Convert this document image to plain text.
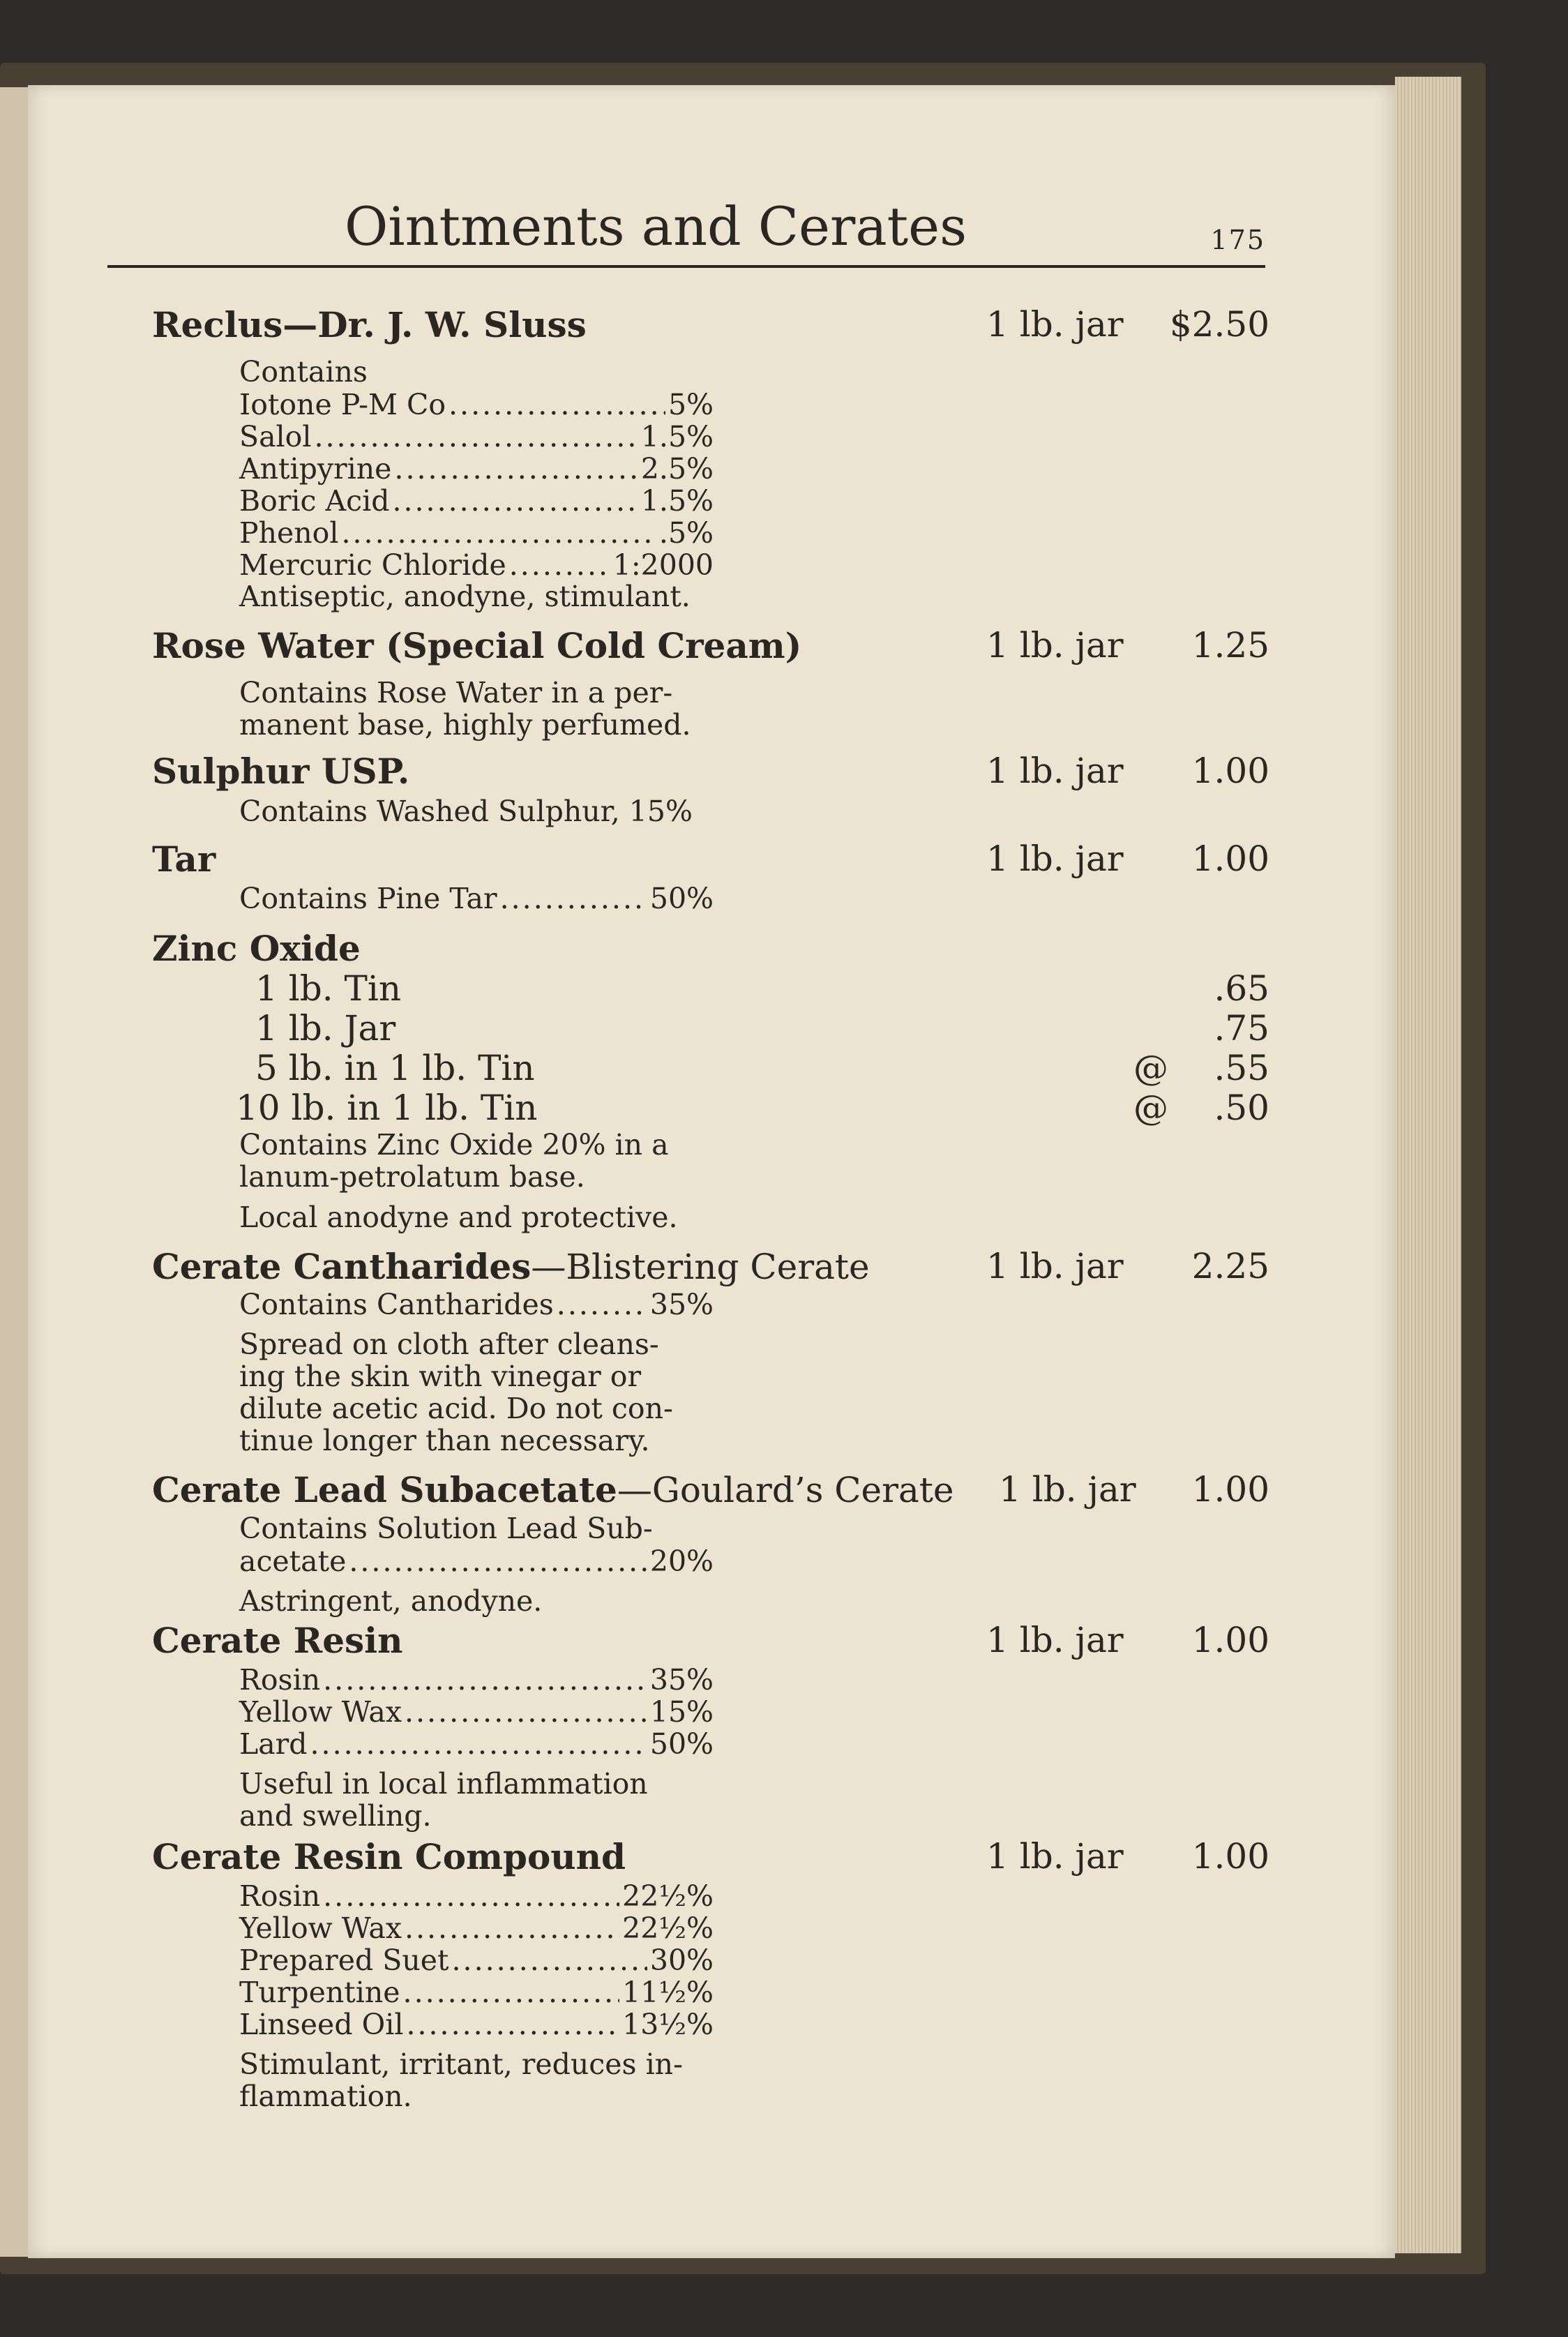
Ointments and Cerates	175
Reclus—Dr. J. W. Sluss	1 lb. jar $2.50
Contains
Iotone P-M Co .....	5%
Salol .....	1.5%
Antipyrine .....	2.5%
Boric Acid .....	1.5%
Phenol .....	.5%
Mercuric Chloride .....	1:2000
Antiseptic, anodyne, stimulant.
Rose Water (Special Cold Cream)	1 lb. jar 1.25
Contains Rose Water in a per-
manent base, highly perfumed.
Sulphur USP.	1 lb. jar 1.00
Contains Washed Sulphur, 15%
Tar	1 lb. jar 1.00
Contains Pine Tar .....	50%
Zinc Oxide
1 lb. Tin	.65
1 lb. Jar	.75
5 lb. in 1 lb. Tin	@ .55
10 lb. in 1 lb. Tin	@ .50
Contains Zinc Oxide 20% in a
lanum-petrolatum base.
Local anodyne and protective.
Cerate Cantharides—Blistering Cerate	1 lb. jar 2.25
Contains Cantharides .....	35%
Spread on cloth after cleans-
ing the skin with vinegar or
dilute acetic acid. Do not con-
tinue longer than necessary.
Cerate Lead Subacetate—Goulard’s Cerate 1 lb. jar 1.00
Contains Solution Lead Sub-
acetate .....	20%
Astringent, anodyne.
Cerate Resin	1 lb. jar 1.00
Rosin .....	35%
Yellow Wax .....	15%
Lard .....	50%
Useful in local inflammation
and swelling.
Cerate Resin Compound	1 lb. jar 1.00
Rosin .....	22½%
Yellow Wax .....	22½%
Prepared Suet .....	30%
Turpentine .....	11½%
Linseed Oil .....	13½%
Stimulant, irritant, reduces in-
flammation.
